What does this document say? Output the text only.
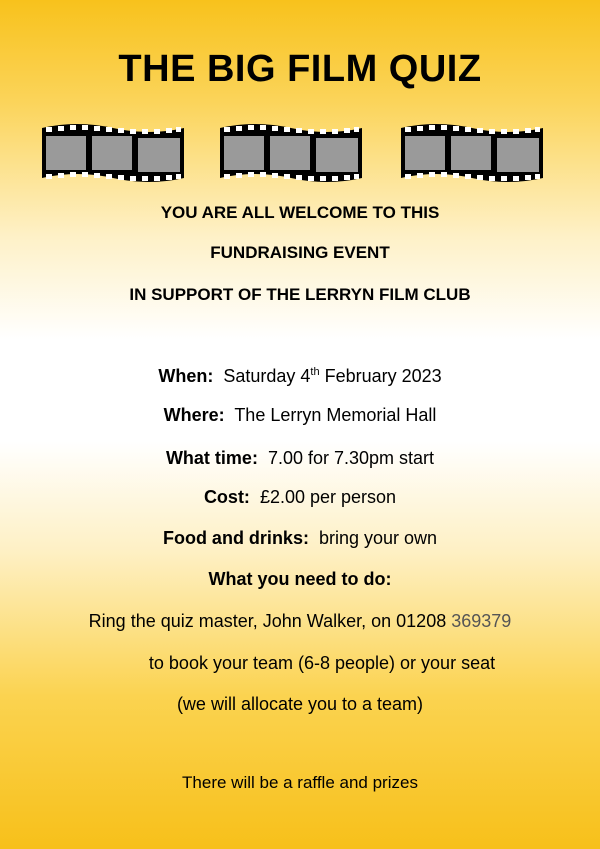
THE BIG FILM QUIZ
YOU ARE ALL WELCOME TO THIS
FUNDRAISING EVENT
IN SUPPORT OF THE LERRYN FILM CLUB
When: Saturday 4th February 2023
Where: The Lerryn Memorial Hall
What time: 7.00 for 7.30pm start
Cost: £2.00 per person
Food and drinks: bring your own
What you need to do:
Ring the quiz master, John Walker, on 01208 369379
to book your team (6-8 people) or your seat
(we will allocate you to a team)
There will be a raffle and prizes
